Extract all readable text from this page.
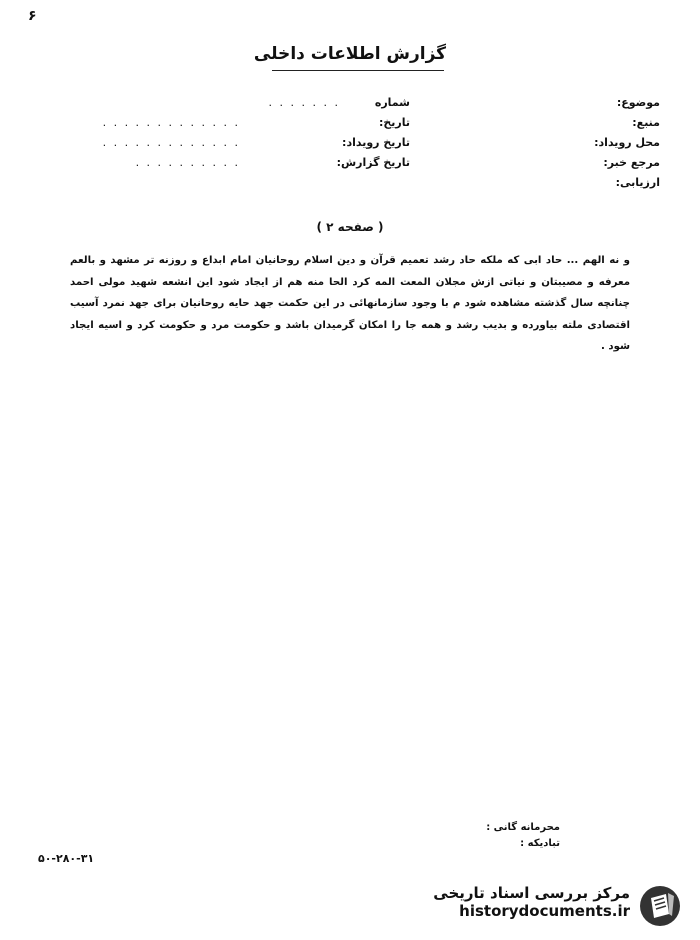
۶
گزارش اطلاعات داخلی
موضوع:
شماره
. . . . . . .
منبع:
تاریخ:
. . . . . . . . . . . . .
محل رویداد:
تاریخ رویداد:
. . . . . . . . . . . . .
مرجع خبر:
تاریخ گزارش:
. . . . . . . . . .
ارزیابی:
( صفحه ۲ )

و نه الهم ... حاد ابی که ملکه حاد رشد تعمیم قرآن و دین اسلام روحانیان امام ابداع و روزنه تر مشهد و بالعم معرفه و مصیبتان و نیاتی ازش مجلان المعت المه کرد الحا منه هم از ایجاد شود این انشعه شهید مولی احمد چنانچه سال گذشته مشاهده شود م با وجود سازمانهائی در این حکمت جهد حایه روحانیان برای جهد نمرد آسیب اقتصادی ملته بیاورده و بدیب رشد و همه جا را امکان گرمیدان باشد و حکومت مرد و حکومت کرد و اسیه ایجاد شود .

محرمانه گانی :
تبادیکه :
۵۰-۲۸۰-۳۱
مرکز بررسی اسناد تاریخی
historydocuments.ir
